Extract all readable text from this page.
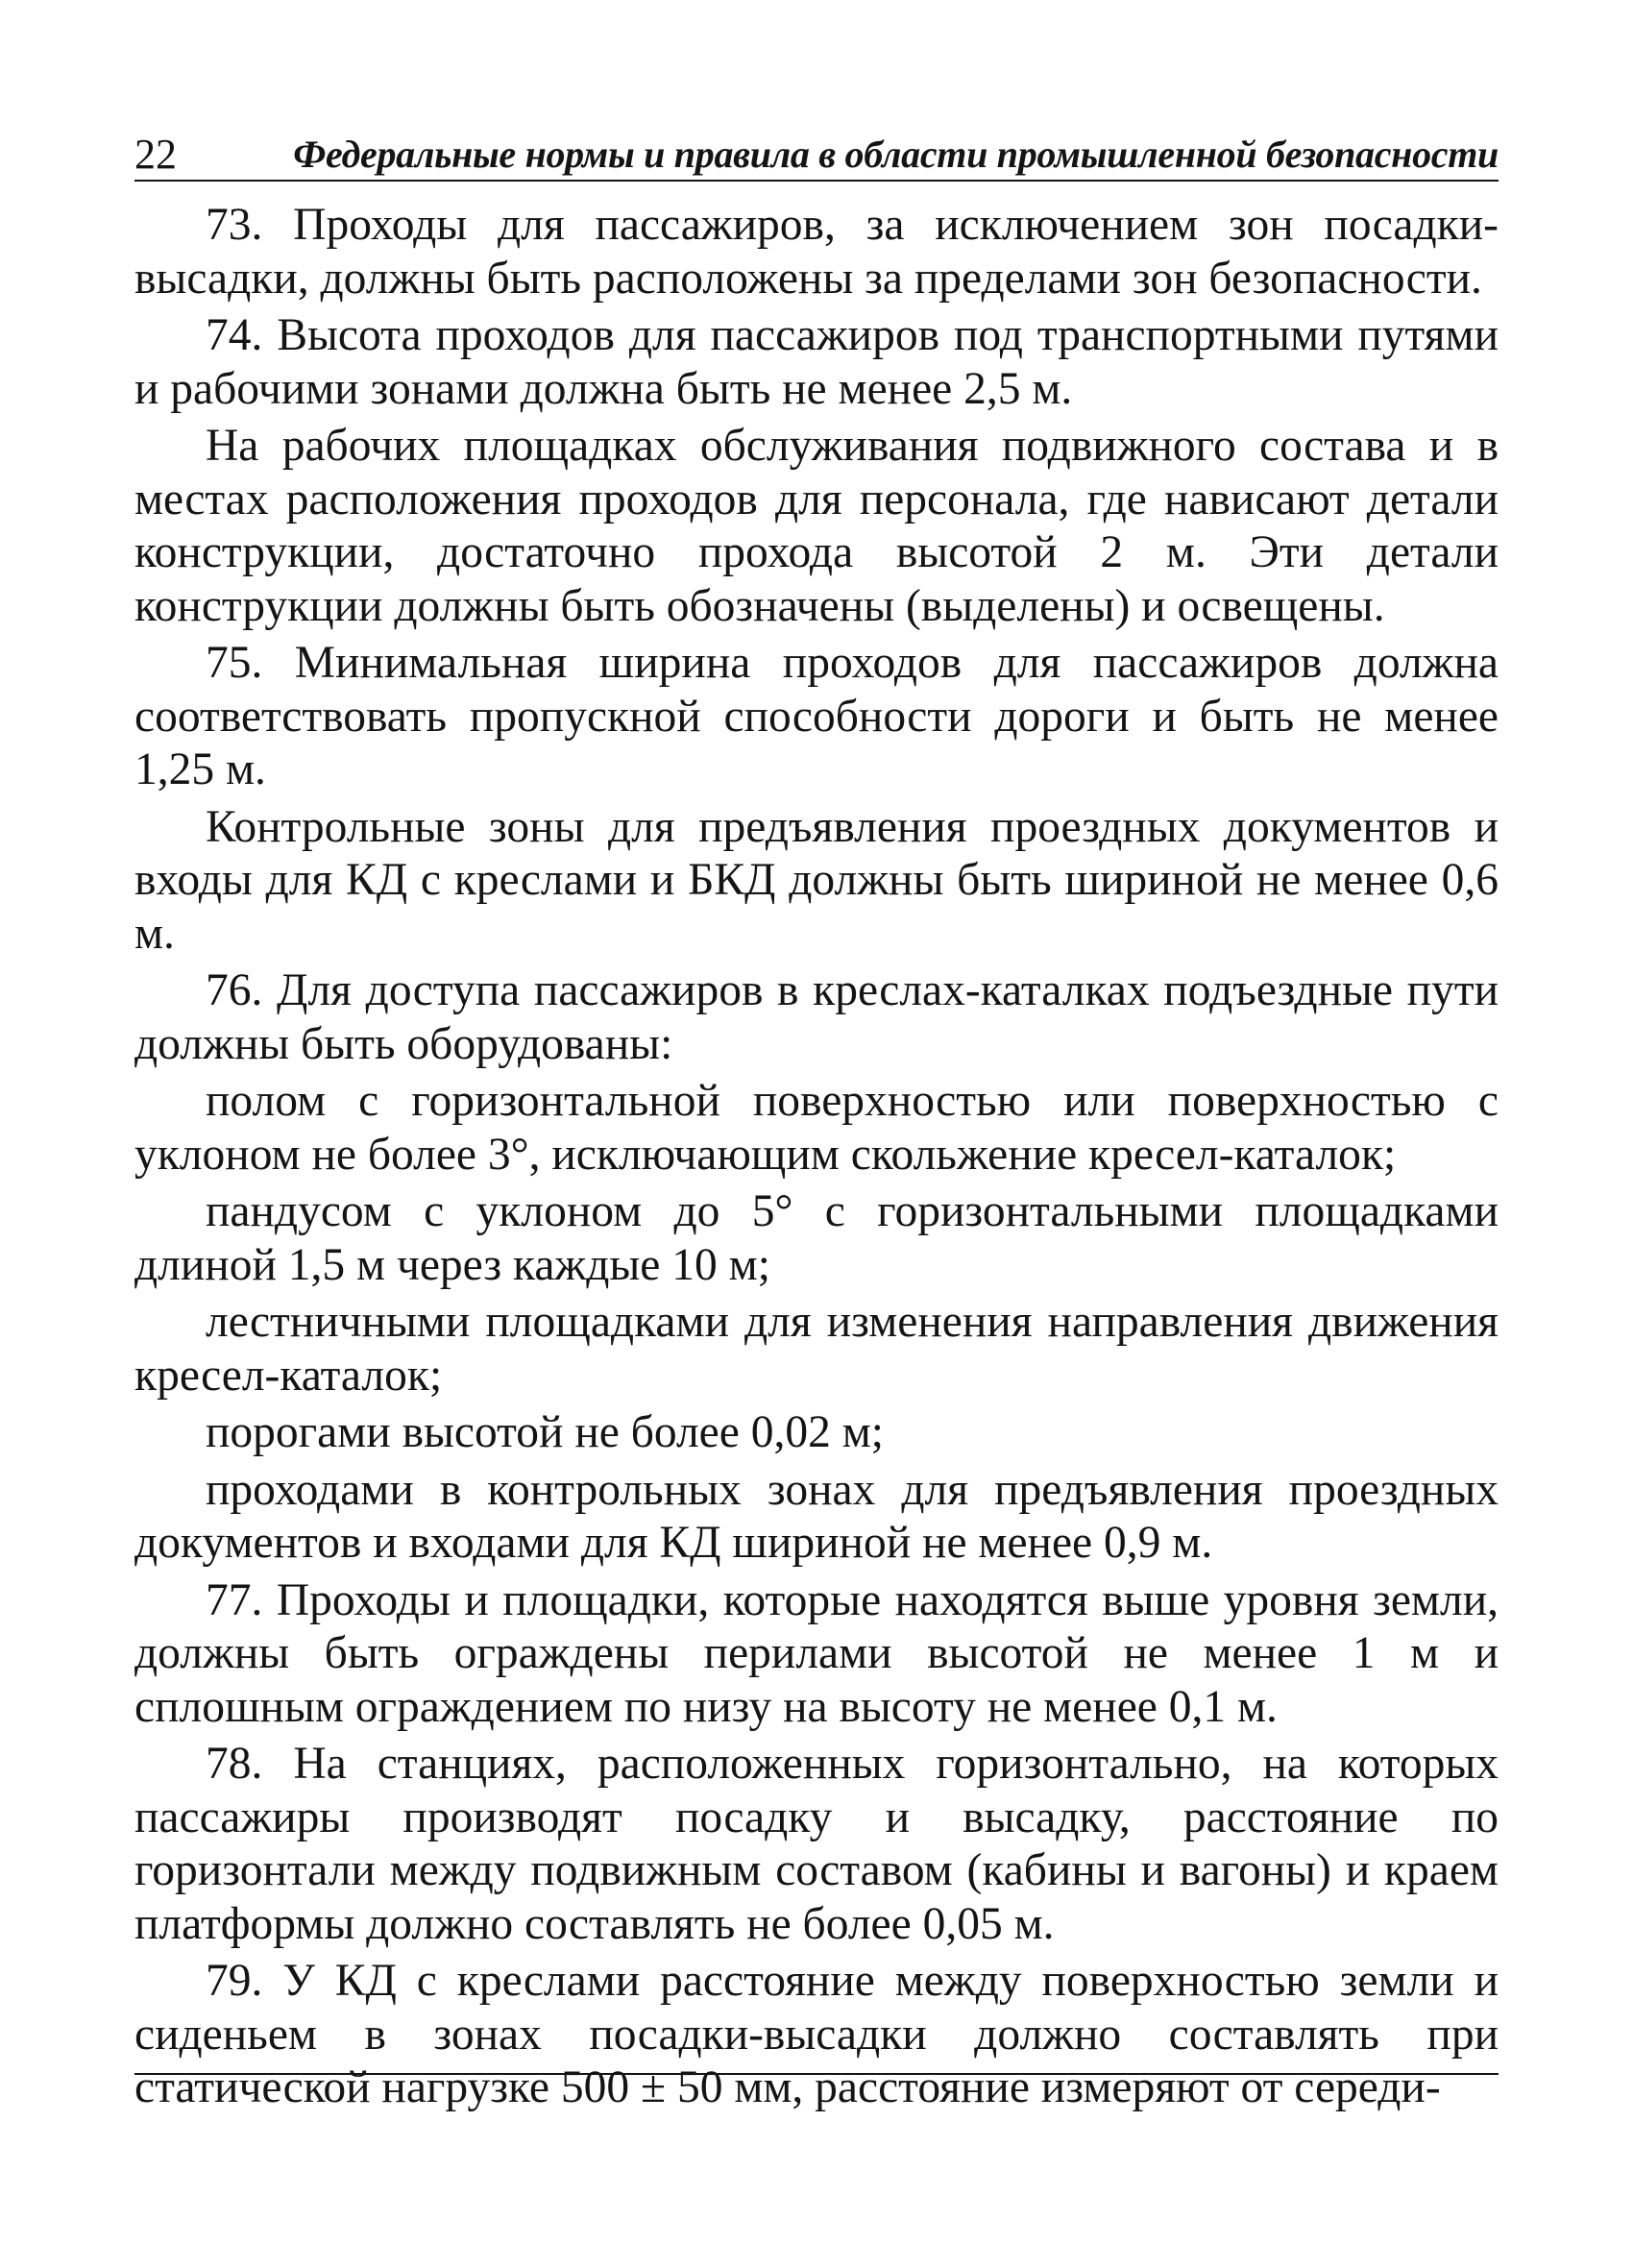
22	Федеральные нормы и правила в области промышленной безопасности

73. Проходы для пассажиров, за исключением зон посадки-высадки, должны быть расположены за пределами зон безопасности.

74. Высота проходов для пассажиров под транспортными путями и рабочими зонами должна быть не менее 2,5 м.

На рабочих площадках обслуживания подвижного состава и в местах расположения проходов для персонала, где нависают детали конструкции, достаточно прохода высотой 2 м. Эти детали конструкции должны быть обозначены (выделены) и освещены.

75. Минимальная ширина проходов для пассажиров должна соответствовать пропускной способности дороги и быть не менее 1,25 м.

Контрольные зоны для предъявления проездных документов и входы для КД с креслами и БКД должны быть шириной не менее 0,6 м.

76. Для доступа пассажиров в креслах-каталках подъездные пути должны быть оборудованы:

полом с горизонтальной поверхностью или поверхностью с уклоном не более 3°, исключающим скольжение кресел-каталок;

пандусом с уклоном до 5° с горизонтальными площадками длиной 1,5 м через каждые 10 м;

лестничными площадками для изменения направления движения кресел-каталок;

порогами высотой не более 0,02 м;

проходами в контрольных зонах для предъявления проездных документов и входами для КД шириной не менее 0,9 м.

77. Проходы и площадки, которые находятся выше уровня земли, должны быть ограждены перилами высотой не менее 1 м и сплошным ограждением по низу на высоту не менее 0,1 м.

78. На станциях, расположенных горизонтально, на которых пассажиры производят посадку и высадку, расстояние по горизонтали между подвижным составом (кабины и вагоны) и краем платформы должно составлять не более 0,05 м.

79. У КД с креслами расстояние между поверхностью земли и сиденьем в зонах посадки-высадки должно составлять при статической нагрузке 500 ± 50 мм, расстояние измеряют от середи-
